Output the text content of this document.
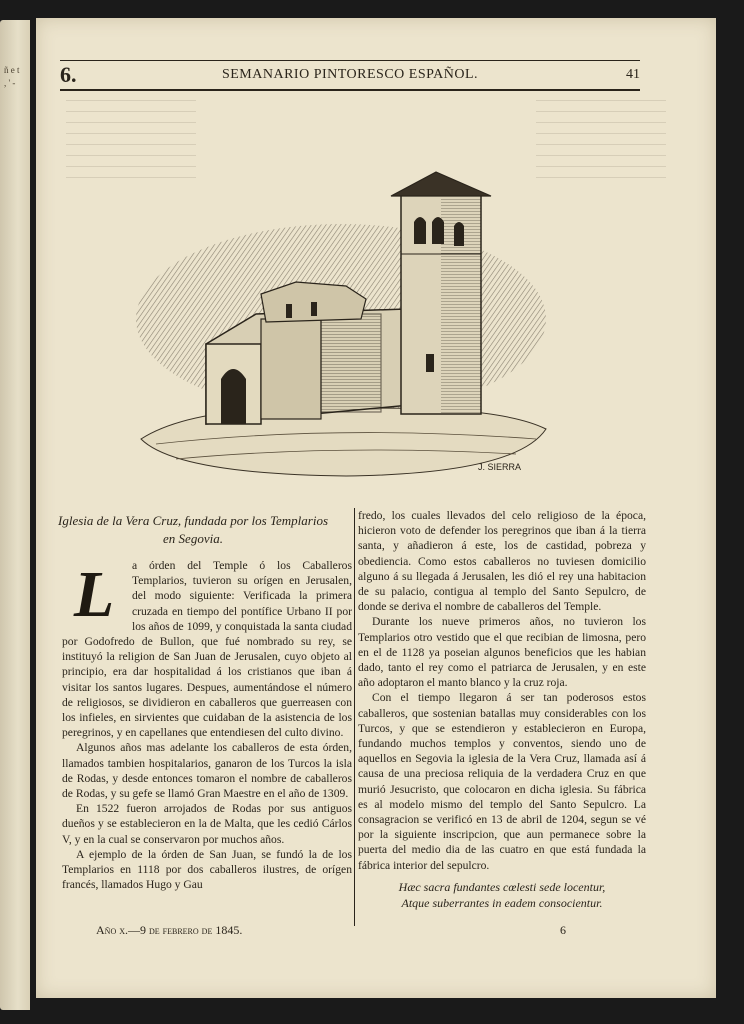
ñ e t , ' -	6.	SEMANARIO PINTORESCO ESPAÑOL.	41
J. SIERRA
Iglesia de la Vera Cruz, fundada por los Templarios en Segovia.
L	a órden del Temple ó los Caballeros Templarios, tuvieron su orígen en Jerusalen, del modo siguiente: Verificada la primera cruzada en tiempo del pontífice Urbano II por los años de 1099, y conquistada la santa ciudad por Godofredo de Bullon, que fué nombrado su rey, se instituyó la religion de San Juan de Jerusalen, cuyo objeto al principio, era dar hospitalidad á los cristianos que iban á visitar los santos lugares. Despues, aumentándose el número de religiosos, se dividieron en caballeros que guerreasen con los infieles, en sirvientes que cuidaban de la asistencia de los peregrinos, y en capellanes que entendiesen del culto divino.

Algunos años mas adelante los caballeros de esta órden, llamados tambien hospitalarios, ganaron de los Turcos la isla de Rodas, y desde entonces tomaron el nombre de caballeros de Rodas, y su gefe se llamó Gran Maestre en el año de 1309.

En 1522 fueron arrojados de Rodas por sus antiguos dueños y se establecieron en la de Malta, que les cedió Cárlos V, y en la cual se conservaron por muchos años.

A ejemplo de la órden de San Juan, se fundó la de los Templarios en 1118 por dos caballeros ilustres, de orígen francés, llamados Hugo y Gau

fredo, los cuales llevados del celo religioso de la época, hicieron voto de defender los peregrinos que iban á la tierra santa, y añadieron á este, los de castidad, pobreza y obediencia. Como estos caballeros no tuviesen domicilio alguno á su llegada á Jerusalen, les dió el rey una habitacion de su palacio, contigua al templo del Santo Sepulcro, de donde se deriva el nombre de caballeros del Temple.

Durante los nueve primeros años, no tuvieron los Templarios otro vestido que el que recibian de limosna, pero en el de 1128 ya poseian algunos beneficios que les habian dado, tanto el rey como el patriarca de Jerusalen, y en este año adoptaron el manto blanco y la cruz roja.

Con el tiempo llegaron á ser tan poderosos estos caballeros, que sostenian batallas muy considerables con los Turcos, y que se estendieron y establecieron en Europa, fundando muchos templos y conventos, siendo uno de aquellos en Segovia la iglesia de la Vera Cruz, llamada así á causa de una preciosa reliquia de la verdadera Cruz en que murió Jesucristo, que colocaron en dicha iglesia. Su fábrica es al modelo mismo del templo del Santo Sepulcro. La consagracion se verificó en 13 de abril de 1204, segun se vé por la siguiente inscripcion, que aun permanece sobre la puerta del medio dia de las cuatro en que está fundada la fábrica interior del sepulcro.

Hæc sacra fundantes cœlesti sede locentur,
Atque suberrantes in eadem consocientur.
Año x.—9 de febrero de 1845.	6
